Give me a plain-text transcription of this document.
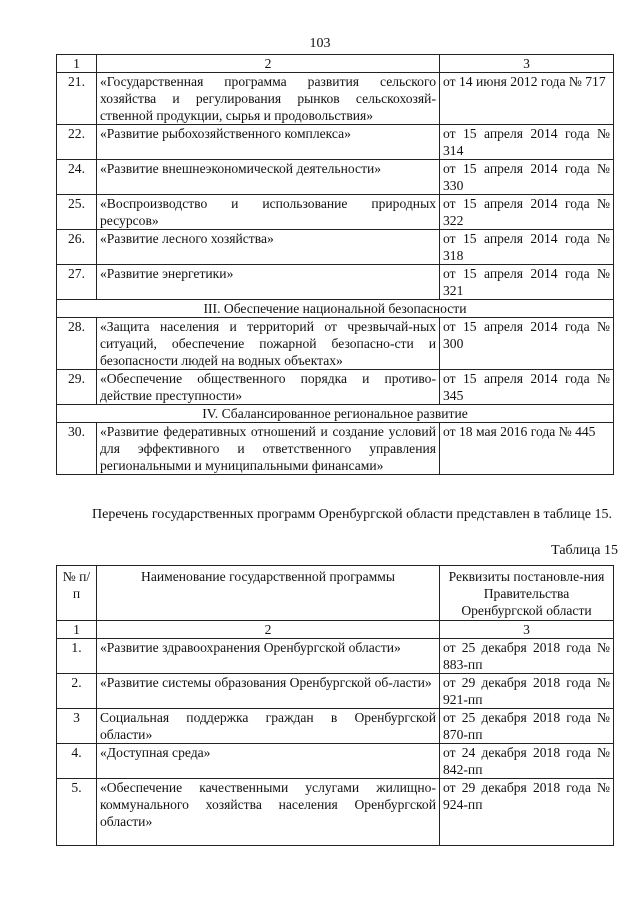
103
1	2	3
21.	«Государственная программа развития сельского хозяйства и регулирования рынков сельскохозяй-ственной продукции, сырья и продовольствия»	от 14 июня 2012 года № 717
22.	«Развитие рыбохозяйственного комплекса»	от 15 апреля 2014 года № 314
24.	«Развитие внешнеэкономической деятельности»	от 15 апреля 2014 года № 330
25.	«Воспроизводство и использование природных ресурсов»	от 15 апреля 2014 года № 322
26.	«Развитие лесного хозяйства»	от 15 апреля 2014 года № 318
27.	«Развитие энергетики»	от 15 апреля 2014 года № 321
III. Обеспечение национальной безопасности		
28.	«Защита населения и территорий от чрезвычай-ных ситуаций, обеспечение пожарной безопасно-сти и безопасности людей на водных объектах»	от 15 апреля 2014 года № 300
29.	«Обеспечение общественного порядка и противо-действие преступности»	от 15 апреля 2014 года № 345
IV. Сбалансированное региональное развитие		
30.	«Развитие федеративных отношений и создание условий для эффективного и ответственного управления региональными и муниципальными финансами»	от 18 мая 2016 года № 445
Перечень государственных программ Оренбургской области представлен в таблице 15.
Таблица 15
№ п/п	Наименование государственной программы	Реквизиты постановле-ния Правительства Оренбургской области
1	2	3
1.	«Развитие здравоохранения Оренбургской области»	от 25 декабря 2018 года № 883-пп
2.	«Развитие системы образования Оренбургской об-ласти»	от 29 декабря 2018 года № 921-пп
3	Социальная поддержка граждан в Оренбургской области»	от 25 декабря 2018 года № 870-пп
4.	«Доступная среда»	от 24 декабря 2018 года № 842-пп
5.	«Обеспечение качественными услугами жилищно-коммунального хозяйства населения Оренбургской области»	от 29 декабря 2018 года № 924-пп
